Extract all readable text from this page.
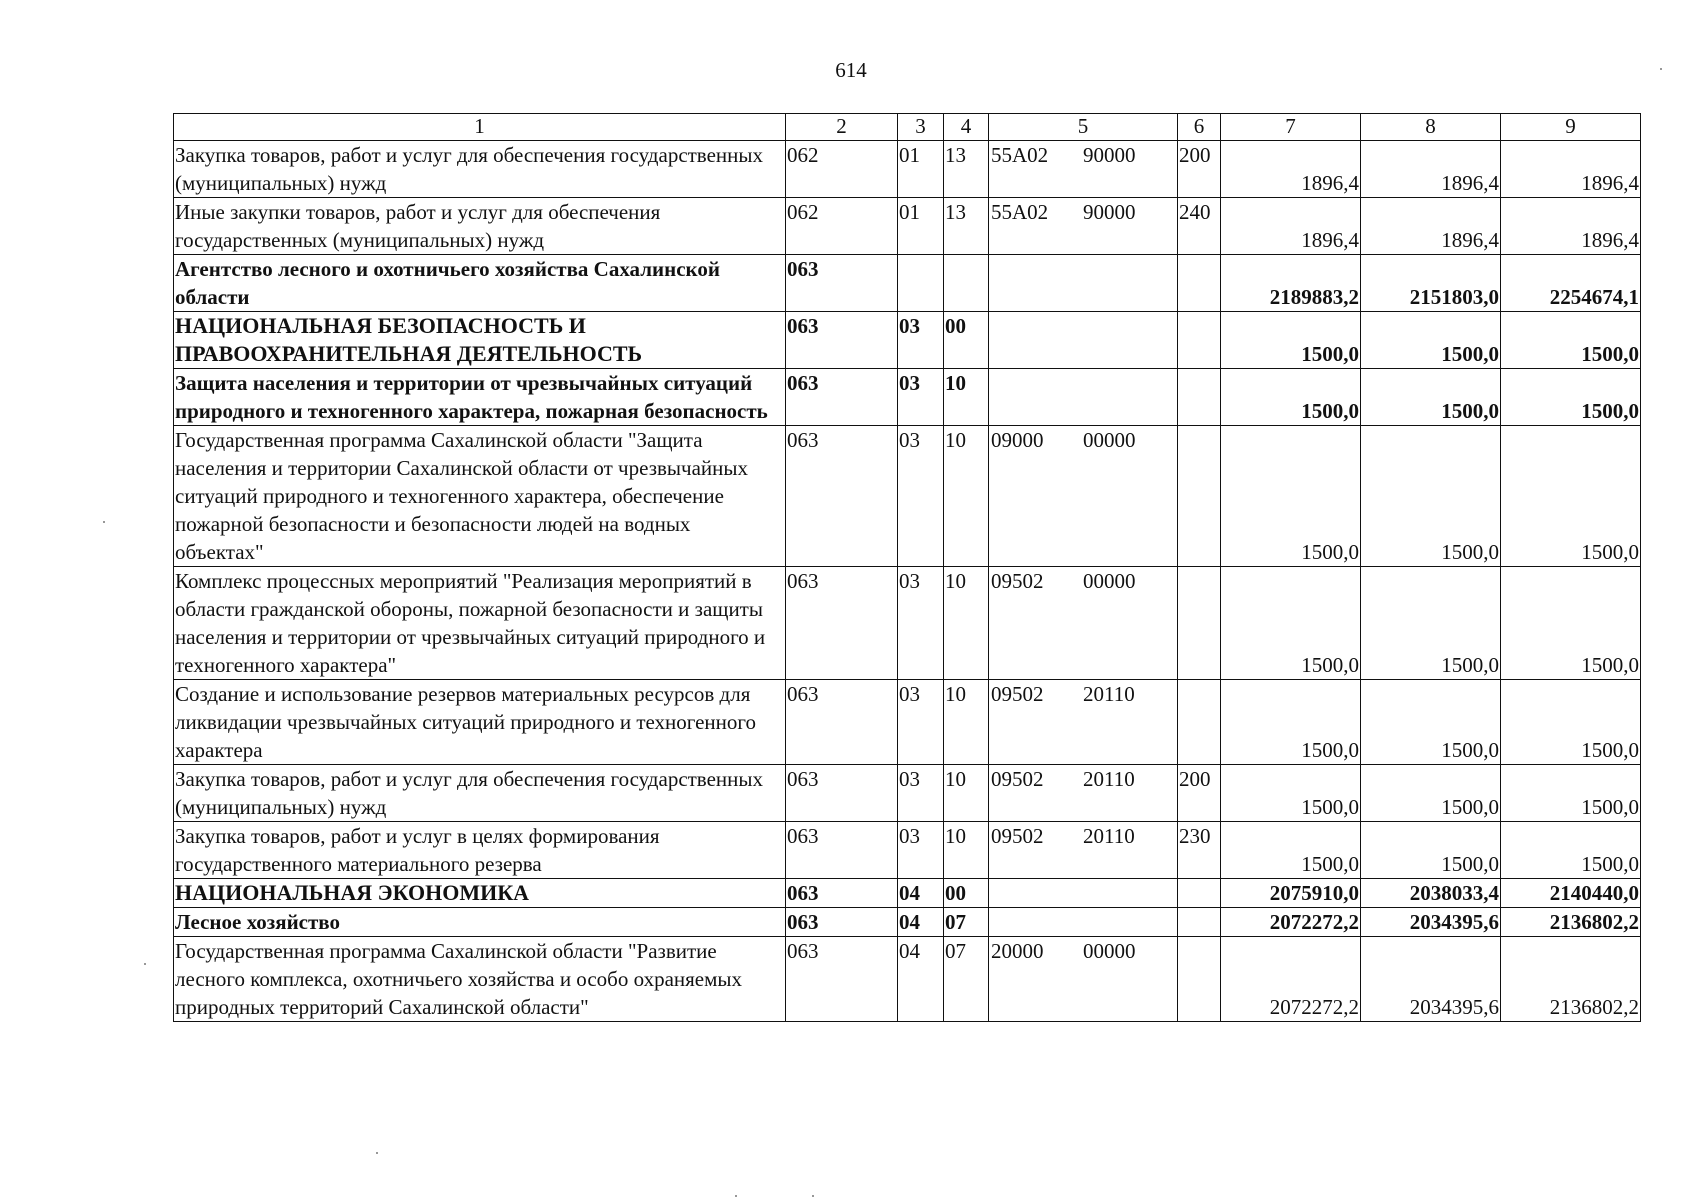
614
1	2	3	4	5	6	7	8	9
Закупка товаров, работ и услуг для обеспечения государственных (муниципальных) нужд	062	01	13	55А02 90000	200	1896,4	1896,4	1896,4
Иные закупки товаров, работ и услуг для обеспечения государственных (муниципальных) нужд	062	01	13	55А02 90000	240	1896,4	1896,4	1896,4
Агентство лесного и охотничьего хозяйства Сахалинской области	063					2189883,2	2151803,0	2254674,1
НАЦИОНАЛЬНАЯ БЕЗОПАСНОСТЬ И ПРАВООХРАНИТЕЛЬНАЯ ДЕЯТЕЛЬНОСТЬ	063	03	00			1500,0	1500,0	1500,0
Защита населения и территории от чрезвычайных ситуаций природного и техногенного характера, пожарная безопасность	063	03	10			1500,0	1500,0	1500,0
Государственная программа Сахалинской области "Защита населения и территории Сахалинской области от чрезвычайных ситуаций природного и техногенного характера, обеспечение пожарной безопасности и безопасности людей на водных объектах"	063	03	10	09000 00000		1500,0	1500,0	1500,0
Комплекс процессных мероприятий "Реализация мероприятий в области гражданской обороны, пожарной безопасности и защиты населения и территории от чрезвычайных ситуаций природного и техногенного характера"	063	03	10	09502 00000		1500,0	1500,0	1500,0
Создание и использование резервов материальных ресурсов для ликвидации чрезвычайных ситуаций природного и техногенного характера	063	03	10	09502 20110		1500,0	1500,0	1500,0
Закупка товаров, работ и услуг для обеспечения государственных (муниципальных) нужд	063	03	10	09502 20110	200	1500,0	1500,0	1500,0
Закупка товаров, работ и услуг в целях формирования государственного материального резерва	063	03	10	09502 20110	230	1500,0	1500,0	1500,0
НАЦИОНАЛЬНАЯ ЭКОНОМИКА	063	04	00			2075910,0	2038033,4	2140440,0
Лесное хозяйство	063	04	07			2072272,2	2034395,6	2136802,2
Государственная программа Сахалинской области "Развитие лесного комплекса, охотничьего хозяйства и особо охраняемых природных территорий Сахалинской области"	063	04	07	20000 00000		2072272,2	2034395,6	2136802,2
